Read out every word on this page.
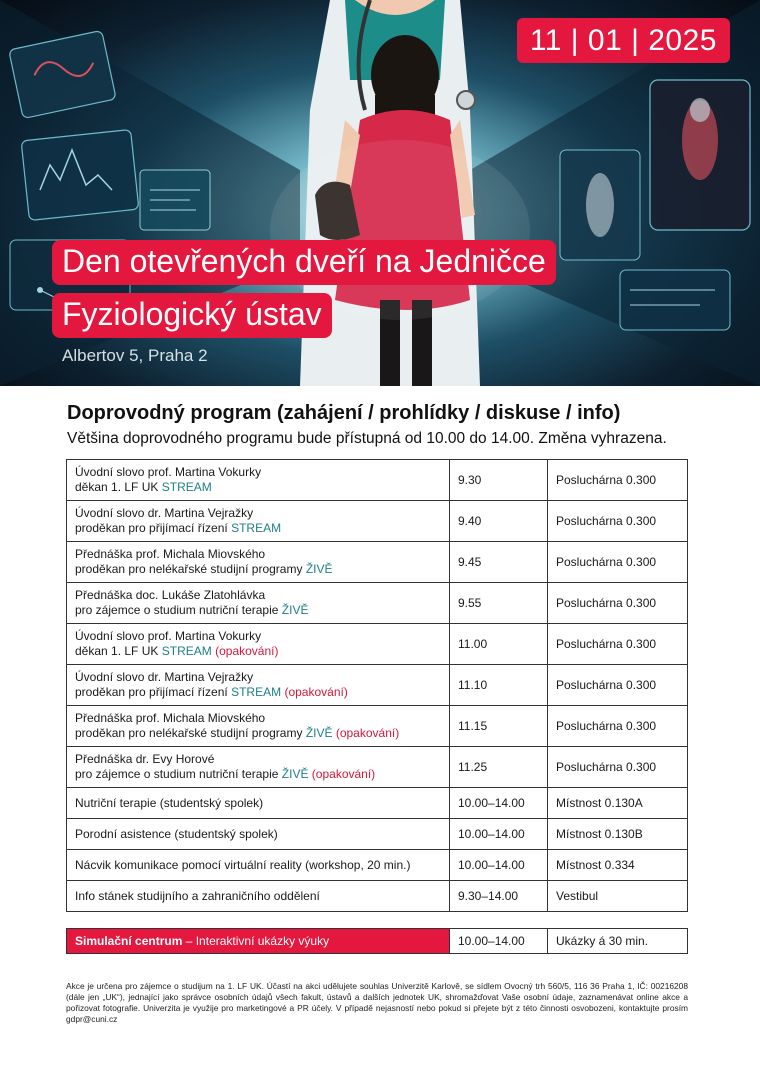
11 | 01 | 2025
Den otevřených dveří na Jedničce
Fyziologický ústav
Albertov 5, Praha 2
Doprovodný program (zahájení / prohlídky / diskuse / info)
Většina doprovodného programu bude přístupná od 10.00 do 14.00. Změna vyhrazena.
Úvodní slovo prof. Martina Vokurky
děkan 1. LF UK STREAM	9.30	Posluchárna 0.300

Úvodní slovo dr. Martina Vejražky
proděkan pro přijímací řízení STREAM	9.40	Posluchárna 0.300

Přednáška prof. Michala Miovského
proděkan pro nelékařské studijní programy ŽIVĚ	9.45	Posluchárna 0.300

Přednáška doc. Lukáše Zlatohlávka
pro zájemce o studium nutriční terapie ŽIVĚ	9.55	Posluchárna 0.300

Úvodní slovo prof. Martina Vokurky
děkan 1. LF UK STREAM (opakování)	11.00	Posluchárna 0.300

Úvodní slovo dr. Martina Vejražky
proděkan pro přijímací řízení STREAM (opakování)	11.10	Posluchárna 0.300

Přednáška prof. Michala Miovského
proděkan pro nelékařské studijní programy ŽIVĚ (opakování)	11.15	Posluchárna 0.300

Přednáška dr. Evy Horové
pro zájemce o studium nutriční terapie ŽIVĚ (opakování)	11.25	Posluchárna 0.300
Nutriční terapie (studentský spolek)	10.00–14.00	Místnost 0.130A
Porodní asistence (studentský spolek)	10.00–14.00	Místnost 0.130B
Nácvik komunikace pomocí virtuální reality (workshop, 20 min.)	10.00–14.00	Místnost 0.334
Info stánek studijního a zahraničního oddělení	9.30–14.00	Vestibul
Simulační centrum – Interaktivní ukázky výuky	10.00–14.00	Ukázky á 30 min.
Akce je určena pro zájemce o studijum na 1. LF UK. Účastí na akci udělujete souhlas Univerzitě Karlově, se sídlem Ovocný trh 560/5, 116 36 Praha 1, IČ: 00216208 (dále jen „UK“), jednající jako správce osobních údajů všech fakult, ústavů a dalších jednotek UK, shromažďovat Vaše osobní údaje, zaznamenávat online akce a pořizovat fotografie. Univerzita je využije pro marketingové a PR účely. V případě nejasností nebo pokud si přejete být z této činnosti osvobozeni, kontaktujte prosím gdpr@cuni.cz
